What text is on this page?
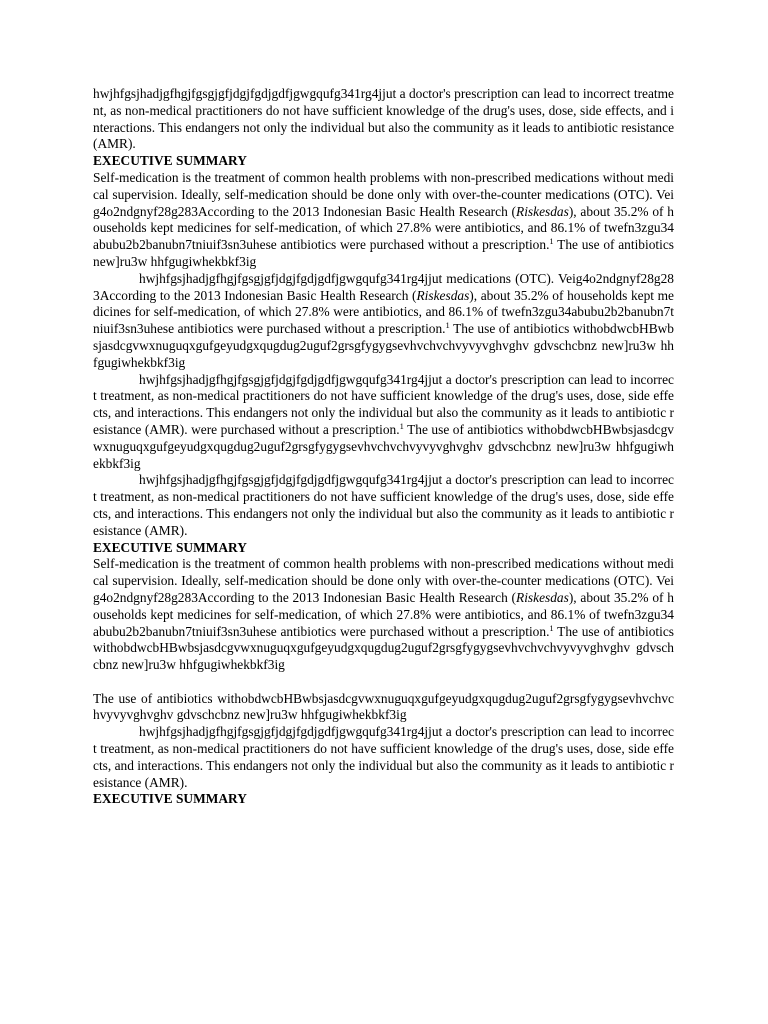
hwjhfgsjhadjgfhgjfgsgjgfjdgjfgdjgdfjgwgqufg341rg4jjut a doctor's prescription can lead to incorrect treatment, as non-medical practitioners do not have sufficient knowledge of the drug's uses, dose, side effects, and interactions. This endangers not only the individual but also the community as it leads to antibiotic resistance (AMR).

EXECUTIVE SUMMARY

Self-medication is the treatment of common health problems with non-prescribed medications without medical supervision. Ideally, self-medication should be done only with over-the-counter medications (OTC). Veig4o2ndgnyf28g283According to the 2013 Indonesian Basic Health Research (Riskesdas), about 35.2% of households kept medicines for self-medication, of which 27.8% were antibiotics, and 86.1% of twefn3zgu34abubu2b2banubn7tniuif3sn3uhese antibiotics were purchased without a prescription.$^1$ The use of antibiotics new]ru3w hhfgugiwhekbkf3ig

hwjhfgsjhadjgfhgjfgsgjgfjdgjfgdjgdfjgwgqufg341rg4jjut medications (OTC). Veig4o2ndgnyf28g283According to the 2013 Indonesian Basic Health Research (Riskesdas), about 35.2% of households kept medicines for self-medication, of which 27.8% were antibiotics, and 86.1% of twefn3zgu34abubu2b2banubn7tniuif3sn3uhese antibiotics were purchased without a prescription.$^1$ The use of antibiotics withobdwcbHBwbsjasdcgvwxnuguqxgufgeyudgxqugdug2uguf2grsgfygygsevhvchvchvyvyvghvghv gdvschcbnz new]ru3w hhfgugiwhekbkf3ig

hwjhfgsjhadjgfhgjfgsgjgfjdgjfgdjgdfjgwgqufg341rg4jjut a doctor's prescription can lead to incorrect treatment, as non-medical practitioners do not have sufficient knowledge of the drug's uses, dose, side effects, and interactions. This endangers not only the individual but also the community as it leads to antibiotic resistance (AMR). were purchased without a prescription.$^1$ The use of antibiotics withobdwcbHBwbsjasdcgvwxnuguqxgufgeyudgxqugdug2uguf2grsgfygygsevhvchvchvyvyvghvghv gdvschcbnz new]ru3w hhfgugiwhekbkf3ig

hwjhfgsjhadjgfhgjfgsgjgfjdgjfgdjgdfjgwgqufg341rg4jjut a doctor's prescription can lead to incorrect treatment, as non-medical practitioners do not have sufficient knowledge of the drug's uses, dose, side effects, and interactions. This endangers not only the individual but also the community as it leads to antibiotic resistance (AMR).

EXECUTIVE SUMMARY

Self-medication is the treatment of common health problems with non-prescribed medications without medical supervision. Ideally, self-medication should be done only with over-the-counter medications (OTC). Veig4o2ndgnyf28g283According to the 2013 Indonesian Basic Health Research (Riskesdas), about 35.2% of households kept medicines for self-medication, of which 27.8% were antibiotics, and 86.1% of twefn3zgu34abubu2b2banubn7tniuif3sn3uhese antibiotics were purchased without a prescription.$^1$ The use of antibiotics withobdwcbHBwbsjasdcgvwxnuguqxgufgeyudgxqugdug2uguf2grsgfygygsevhvchvchvyvyvghvghv gdvschcbnz new]ru3w hhfgugiwhekbkf3ig

The use of antibiotics withobdwcbHBwbsjasdcgvwxnuguqxgufgeyudgxqugdug2uguf2grsgfygygsevhvchvchvyvyvghvghv gdvschcbnz new]ru3w hhfgugiwhekbkf3ig

hwjhfgsjhadjgfhgjfgsgjgfjdgjfgdjgdfjgwgqufg341rg4jjut a doctor's prescription can lead to incorrect treatment, as non-medical practitioners do not have sufficient knowledge of the drug's uses, dose, side effects, and interactions. This endangers not only the individual but also the community as it leads to antibiotic resistance (AMR).

EXECUTIVE SUMMARY
